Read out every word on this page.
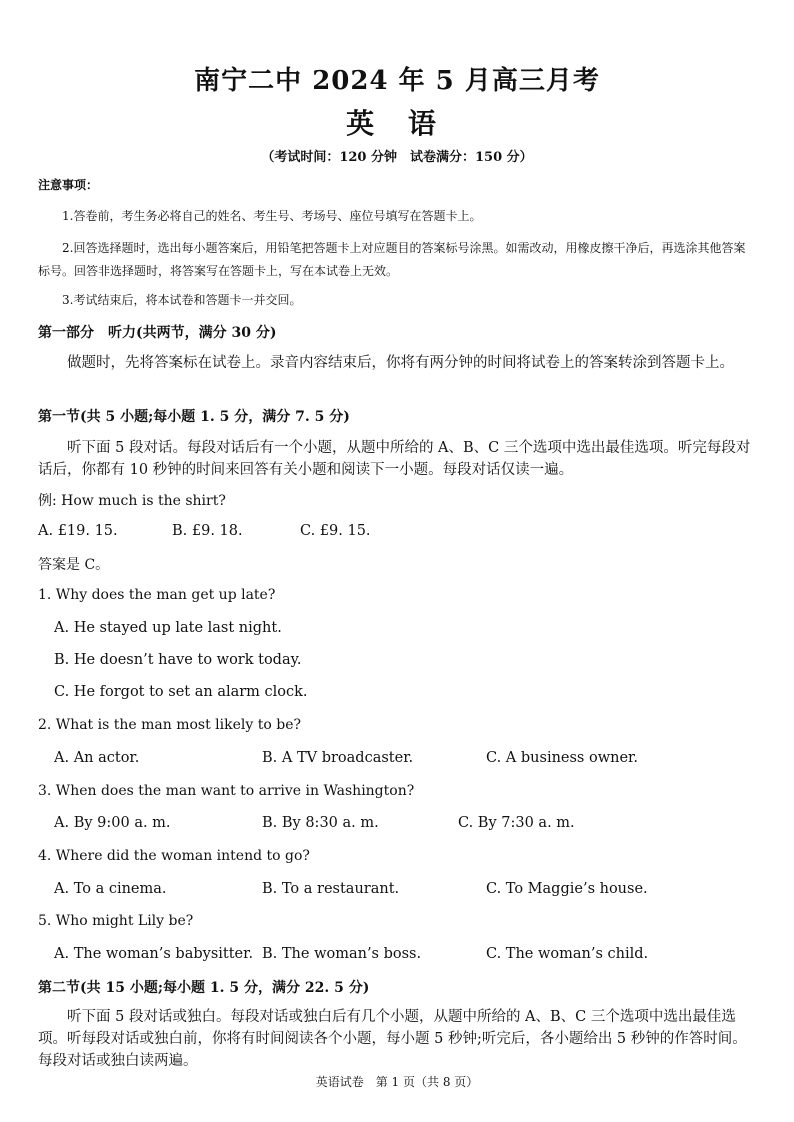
南宁二中 2024 年 5 月高三月考
英 语
（考试时间：120 分钟　试卷满分：150 分）
注意事项：
1.答卷前，考生务必将自己的姓名、考生号、考场号、座位号填写在答题卡上。
2.回答选择题时，选出每小题答案后，用铅笔把答题卡上对应题目的答案标号涂黑。如需改动，用橡皮擦干净后，再选涂其他答案标号。回答非选择题时，将答案写在答题卡上，写在本试卷上无效。
3.考试结束后，将本试卷和答题卡一并交回。
第一部分　听力(共两节，满分 30 分)
做题时，先将答案标在试卷上。录音内容结束后，你将有两分钟的时间将试卷上的答案转涂到答题卡上。
第一节(共 5 小题;每小题 1. 5 分，满分 7. 5 分)
听下面 5 段对话。每段对话后有一个小题，从题中所给的 A、B、C 三个选项中选出最佳选项。听完每段对话后，你都有 10 秒钟的时间来回答有关小题和阅读下一小题。每段对话仅读一遍。
例: How much is the shirt?
A. £19. 15.	B. £9. 18.	C. £9. 15.
答案是 C。
1. Why does the man get up late?
A. He stayed up late last night.
B. He doesn’t have to work today.
C. He forgot to set an alarm clock.
2. What is the man most likely to be?
A. An actor.	B. A TV broadcaster.	C. A business owner.
3. When does the man want to arrive in Washington?
A. By 9:00 a. m.	B. By 8:30 a. m.	C. By 7:30 a. m.
4. Where did the woman intend to go?
A. To a cinema.	B. To a restaurant.	C. To Maggie’s house.
5. Who might Lily be?
A. The woman’s babysitter. B. The woman’s boss.	C. The woman’s child.
第二节(共 15 小题;每小题 1. 5 分，满分 22. 5 分)
听下面 5 段对话或独白。每段对话或独白后有几个小题，从题中所给的 A、B、C 三个选项中选出最佳选项。听每段对话或独白前，你将有时间阅读各个小题，每小题 5 秒钟;听完后，各小题给出 5 秒钟的作答时间。每段对话或独白读两遍。
英语试卷　第 1 页（共 8 页）
